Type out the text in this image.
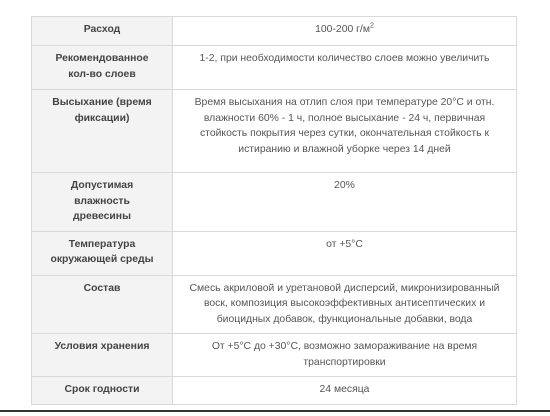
Расход	100-200 $г/м^2$
Рекомендованное кол-во слоев	1-2, при необходимости количество слоев можно увеличить
Высыхание (время фиксации)	Время высыхания на отлип слоя при температуре 20°C и отн. влажности 60% - 1 ч, полное высыхание - 24 ч, первичная стойкость покрытия через сутки, окончательная стойкость к истиранию и влажной уборке через 14 дней
Допустимая влажность древесины	20%
Температура окружающей среды	от +5°C
Состав	Смесь акриловой и уретановой дисперсий, микронизированный воск, композиция высокоэффективных антисептических и биоцидных добавок, функциональные добавки, вода
Условия хранения	От +5°C до +30°C, возможно замораживание на время транспортировки
Срок годности	24 месяца
